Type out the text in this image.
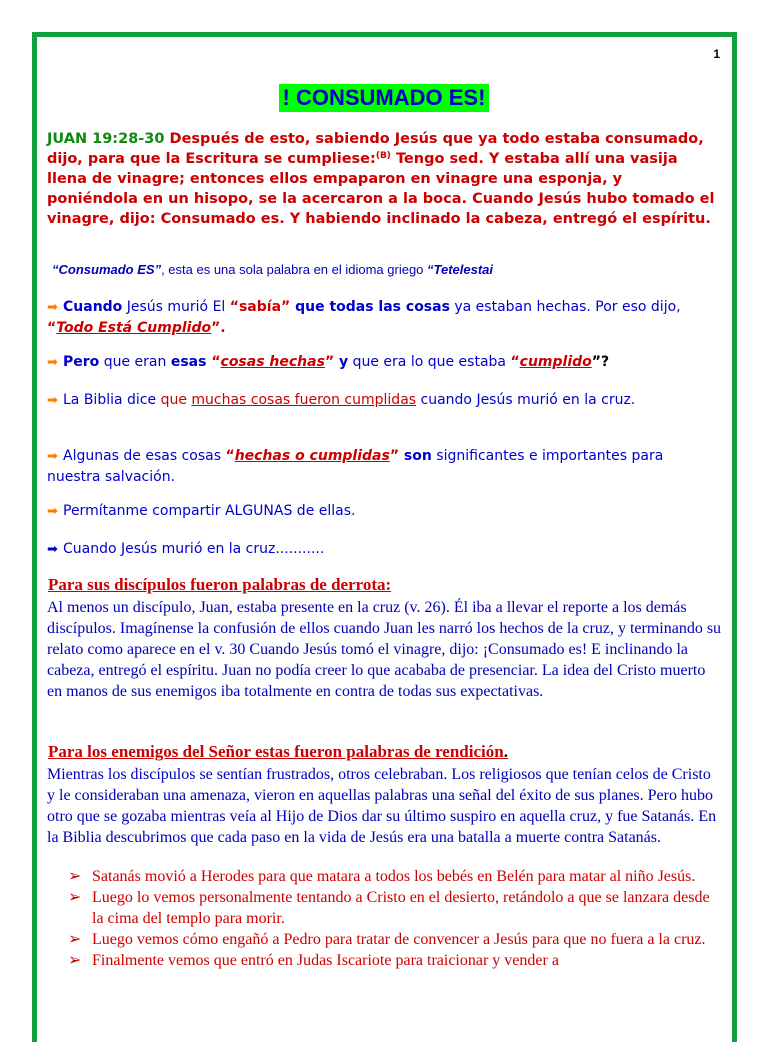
1
! CONSUMADO ES!
JUAN 19:28-30 Después de esto, sabiendo Jesús que ya todo estaba consumado, dijo, para que la Escritura se cumpliese:$^{(B)}$ Tengo sed. Y estaba allí una vasija llena de vinagre; entonces ellos empaparon en vinagre una esponja, y poniéndola en un hisopo, se la acercaron a la boca. Cuando Jesús hubo tomado el vinagre, dijo: Consumado es. Y habiendo inclinado la cabeza, entregó el espíritu.
“Consumado ES”, esta es una sola palabra en el idioma griego “Tetelestai
➡ Cuando Jesús murió El “sabía” que todas las cosas ya estaban hechas. Por eso dijo, “Todo Está Cumplido”.
➡ Pero que eran esas “cosas hechas” y que era lo que estaba “cumplido”?
➡ La Biblia dice que muchas cosas fueron cumplidas cuando Jesús murió en la cruz.
➡ Algunas de esas cosas “hechas o cumplidas” son significantes e importantes para nuestra salvación.
➡ Permítanme compartir ALGUNAS de ellas.
➡ Cuando Jesús murió en la cruz...........
Para sus discípulos fueron palabras de derrota:
Al menos un discípulo, Juan, estaba presente en la cruz (v. 26). Él iba a llevar el reporte a los demás discípulos. Imagínense la confusión de ellos cuando Juan les narró los hechos de la cruz, y terminando su relato como aparece en el v. 30 Cuando Jesús tomó el vinagre, dijo: ¡Consumado es! E inclinando la cabeza, entregó el espíritu. Juan no podía creer lo que acababa de presenciar. La idea del Cristo muerto en manos de sus enemigos iba totalmente en contra de todas sus expectativas.
Para los enemigos del Señor estas fueron palabras de rendición.
Mientras los discípulos se sentían frustrados, otros celebraban. Los religiosos que tenían celos de Cristo y le consideraban una amenaza, vieron en aquellas palabras una señal del éxito de sus planes. Pero hubo otro que se gozaba mientras veía al Hijo de Dios dar su último suspiro en aquella cruz, y fue Satanás. En la Biblia descubrimos que cada paso en la vida de Jesús era una batalla a muerte contra Satanás.
➢ Satanás movió a Herodes para que matara a todos los bebés en Belén para matar al niño Jesús.
➢ Luego lo vemos personalmente tentando a Cristo en el desierto, retándolo a que se lanzara desde la cima del templo para morir.
➢ Luego vemos cómo engañó a Pedro para tratar de convencer a Jesús para que no fuera a la cruz.
➢ Finalmente vemos que entró en Judas Iscariote para traicionar y vender a
